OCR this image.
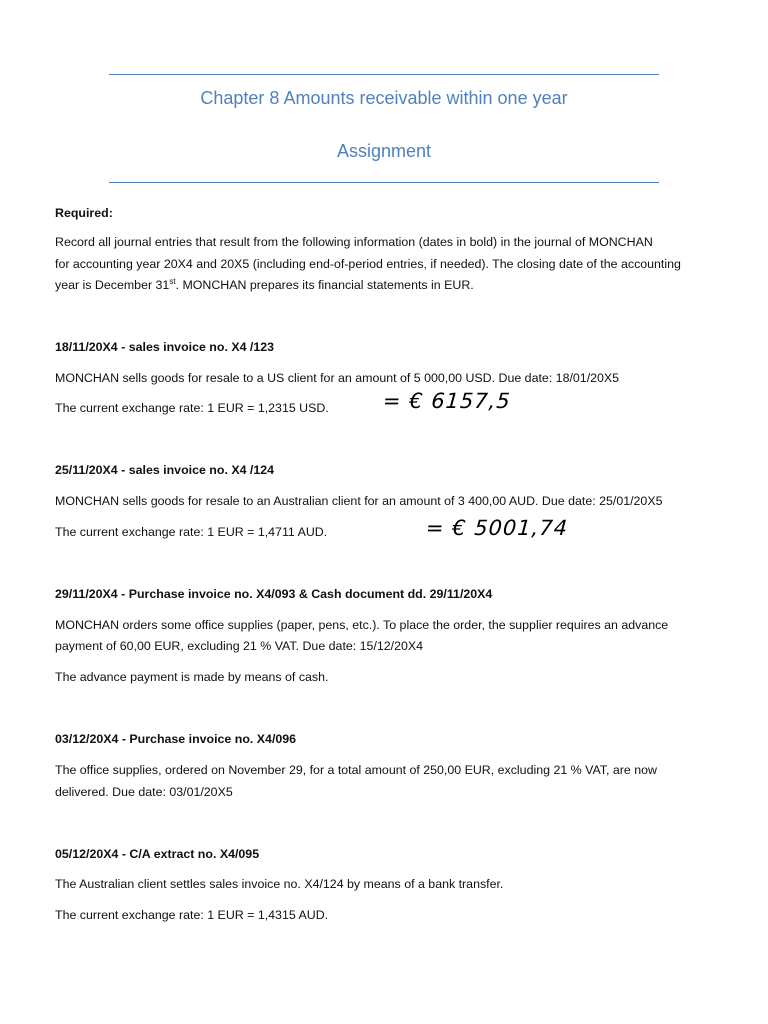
Chapter 8 Amounts receivable within one year
Assignment
Required:
Record all journal entries that result from the following information (dates in bold) in the journal of MONCHAN
for accounting year 20X4 and 20X5 (including end-of-period entries, if needed). The closing date of the accounting
year is December 31st. MONCHAN prepares its financial statements in EUR.
18/11/20X4 - sales invoice no. X4 /123
MONCHAN sells goods for resale to a US client for an amount of 5 000,00 USD. Due date: 18/01/20X5
The current exchange rate: 1 EUR = 1,2315 USD.	= € 6157,5
25/11/20X4 - sales invoice no. X4 /124
MONCHAN sells goods for resale to an Australian client for an amount of 3 400,00 AUD. Due date: 25/01/20X5
The current exchange rate: 1 EUR = 1,4711 AUD.	= € 5001,74
29/11/20X4 - Purchase invoice no. X4/093 & Cash document dd. 29/11/20X4
MONCHAN orders some office supplies (paper, pens, etc.). To place the order, the supplier requires an advance
payment of 60,00 EUR, excluding 21 % VAT. Due date: 15/12/20X4
The advance payment is made by means of cash.
03/12/20X4 - Purchase invoice no. X4/096
The office supplies, ordered on November 29, for a total amount of 250,00 EUR, excluding 21 % VAT, are now
delivered. Due date: 03/01/20X5
05/12/20X4 - C/A extract no. X4/095
The Australian client settles sales invoice no. X4/124 by means of a bank transfer.
The current exchange rate: 1 EUR = 1,4315 AUD.
